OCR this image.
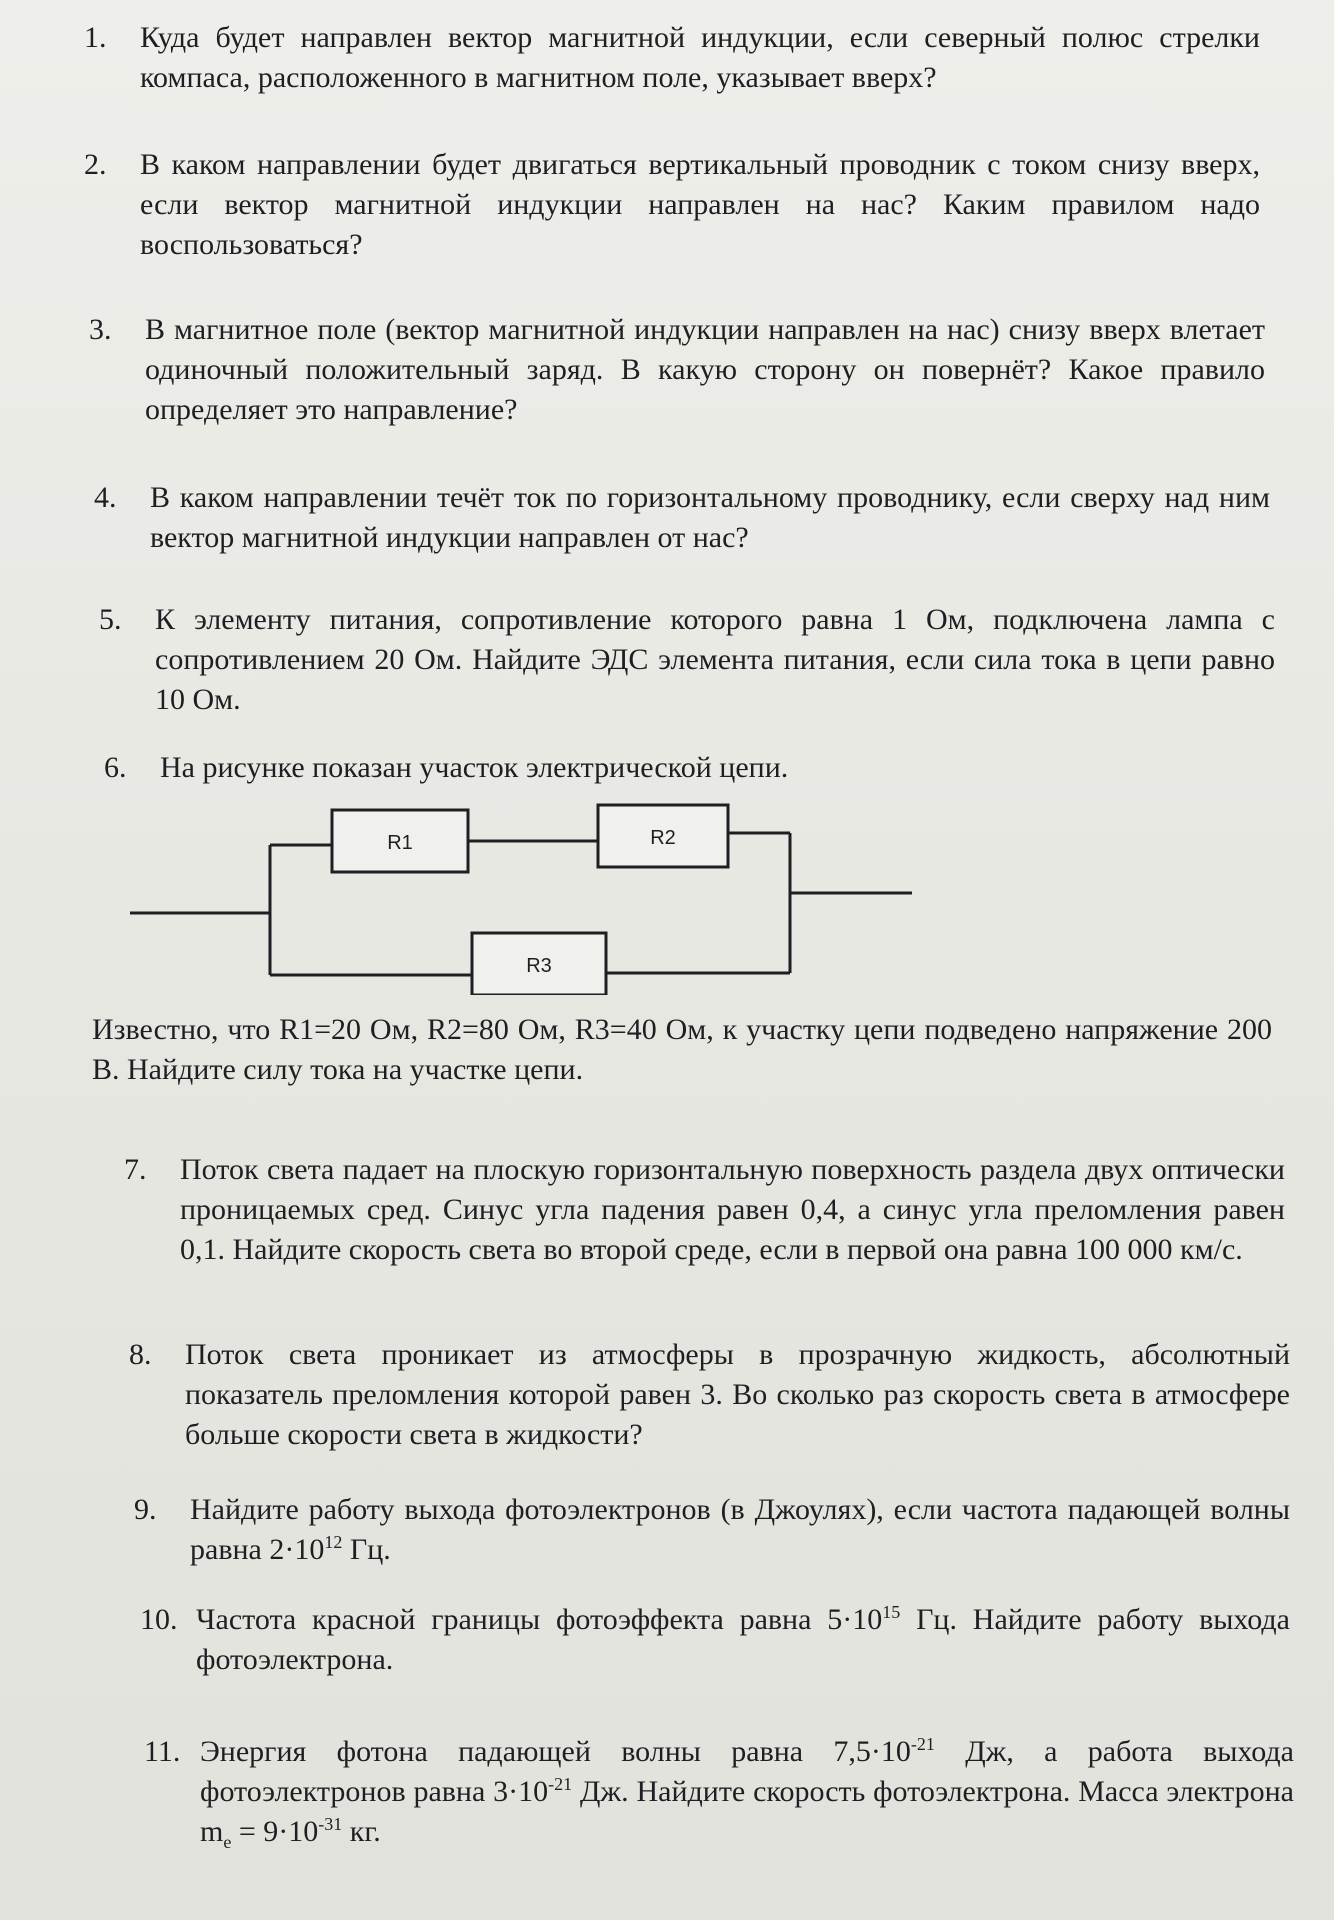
1.	Куда будет направлен вектор магнитной индукции, если северный полюс стрелки компаса, расположенного в магнитном поле, указывает вверх?

2.	В каком направлении будет двигаться вертикальный проводник с током снизу вверх, если вектор магнитной индукции направлен на нас? Каким правилом надо воспользоваться?

3.	В магнитное поле (вектор магнитной индукции направлен на нас) снизу вверх влетает одиночный положительный заряд. В какую сторону он повернёт? Какое правило определяет это направление?

4.	В каком направлении течёт ток по горизонтальному проводнику, если сверху над ним вектор магнитной индукции направлен от нас?

5.	К элементу питания, сопротивление которого равна 1 Ом, подключена лампа с сопротивлением 20 Ом. Найдите ЭДС элемента питания, если сила тока в цепи равно 10 Ом.

6.	На рисунке показан участок электрической цепи.

R1	R2
R3
Известно, что R1=20 Ом, R2=80 Ом, R3=40 Ом, к участку цепи подведено напряжение 200 В. Найдите силу тока на участке цепи.
7.	Поток света падает на плоскую горизонтальную поверхность раздела двух оптически проницаемых сред. Синус угла падения равен 0,4, а синус угла преломления равен 0,1. Найдите скорость света во второй среде, если в первой она равна 100 000 км/с.

8.	Поток света проникает из атмосферы в прозрачную жидкость, абсолютный показатель преломления которой равен 3. Во сколько раз скорость света в атмосфере больше скорости света в жидкости?

9.	Найдите работу выхода фотоэлектронов (в Джоулях), если частота падающей волны равна $2\cdot 10^{12}$ Гц.

10. Частота красной границы фотоэффекта равна $5\cdot 10^{15}$ Гц. Найдите работу выхода фотоэлектрона.

11. Энергия фотона падающей волны равна $7,5\cdot 10^{-21}$ Дж, а работа выхода фотоэлектронов равна $3\cdot 10^{-21}$ Дж. Найдите скорость фотоэлектрона. Масса электрона $m_e = 9\cdot 10^{-31}$ кг.
